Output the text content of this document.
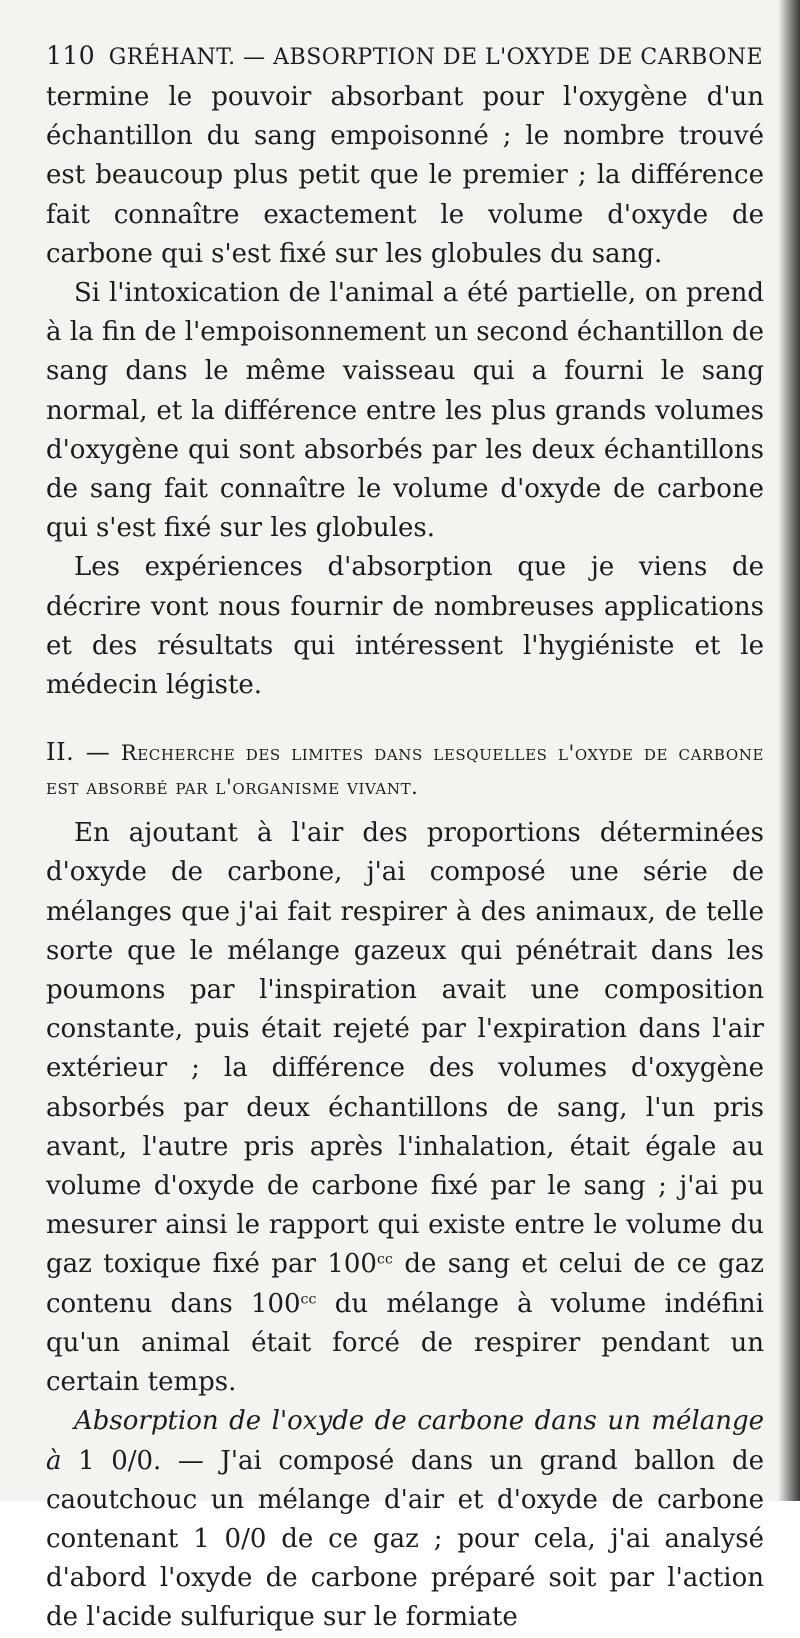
110 GRÉHANT. — ABSORPTION DE L'OXYDE DE CARBONE

termine le pouvoir absorbant pour l'oxygène d'un échantillon du sang empoisonné ; le nombre trouvé est beaucoup plus petit que le premier ; la différence fait connaître exactement le volume d'oxyde de carbone qui s'est fixé sur les globules du sang.

Si l'intoxication de l'animal a été partielle, on prend à la fin de l'empoisonnement un second échantillon de sang dans le même vaisseau qui a fourni le sang normal, et la différence entre les plus grands volumes d'oxygène qui sont absorbés par les deux échantillons de sang fait connaître le volume d'oxyde de carbone qui s'est fixé sur les globules.

Les expériences d'absorption que je viens de décrire vont nous fournir de nombreuses applications et des résultats qui intéressent l'hygiéniste et le médecin légiste.

II. — Recherche des limites dans lesquelles l'oxyde de carbone est absorbé par l'organisme vivant.

En ajoutant à l'air des proportions déterminées d'oxyde de carbone, j'ai composé une série de mélanges que j'ai fait respirer à des animaux, de telle sorte que le mélange gazeux qui pénétrait dans les poumons par l'inspiration avait une composition constante, puis était rejeté par l'expiration dans l'air extérieur ; la différence des volumes d'oxygène absorbés par deux échantillons de sang, l'un pris avant, l'autre pris après l'inhalation, était égale au volume d'oxyde de carbone fixé par le sang ; j'ai pu mesurer ainsi le rapport qui existe entre le volume du gaz toxique fixé par $100^{cc}$ de sang et celui de ce gaz contenu dans $100^{cc}$ du mélange à volume indéfini qu'un animal était forcé de respirer pendant un certain temps.

Absorption de l'oxyde de carbone dans un mélange à 1 0/0. — J'ai composé dans un grand ballon de caoutchouc un mélange d'air et d'oxyde de carbone contenant 1 0/0 de ce gaz ; pour cela, j'ai analysé d'abord l'oxyde de carbone préparé soit par l'action de l'acide sulfurique sur le formiate
